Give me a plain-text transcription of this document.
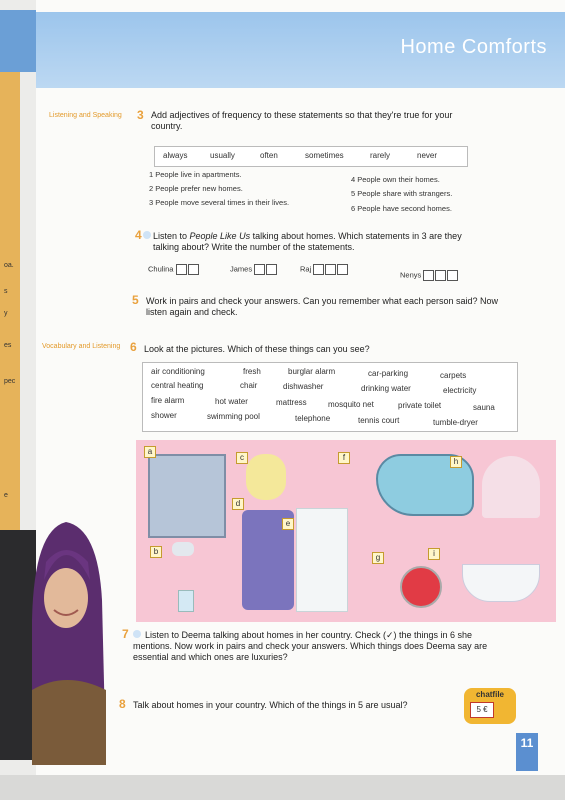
oa.
s
y
es
pec
e
Home Comforts
Listening and Speaking 3 Add adjectives of frequency to these statements so that they're true for your country.
always	usually	often	sometimes	rarely	never
1 People live in apartments.
2 People prefer new homes.
3 People move several times in their lives.
4 People own their homes.
5 People share with strangers.
6 People have second homes.
4 Listen to People Like Us talking about homes. Which statements in 3 are they talking about? Write the number of the statements.
Chulina	James	Raj
Nenys
5 Work in pairs and check your answers. Can you remember what each person said? Now listen again and check.
Vocabulary and Listening 6 Look at the pictures. Which of these things can you see?
air conditioning	fresh	burglar alarm	car-parking	carpets
central heating	chair	dishwasher	drinking water	electricity
fire alarm	hot water	mattress	mosquito net	private toilet	sauna
shower	swimming pool	telephone	tennis court	tumble-dryer
a
b
c
d
e
f
g
h
i
7	Listen to Deema talking about homes in her country. Check (✓) the things in 6 she mentions. Now work in pairs and check your answers. Which things does Deema say are essential and which ones are luxuries?
8 Talk about homes in your country. Which of the things in 5 are usual?
chatfile
5 €
11
